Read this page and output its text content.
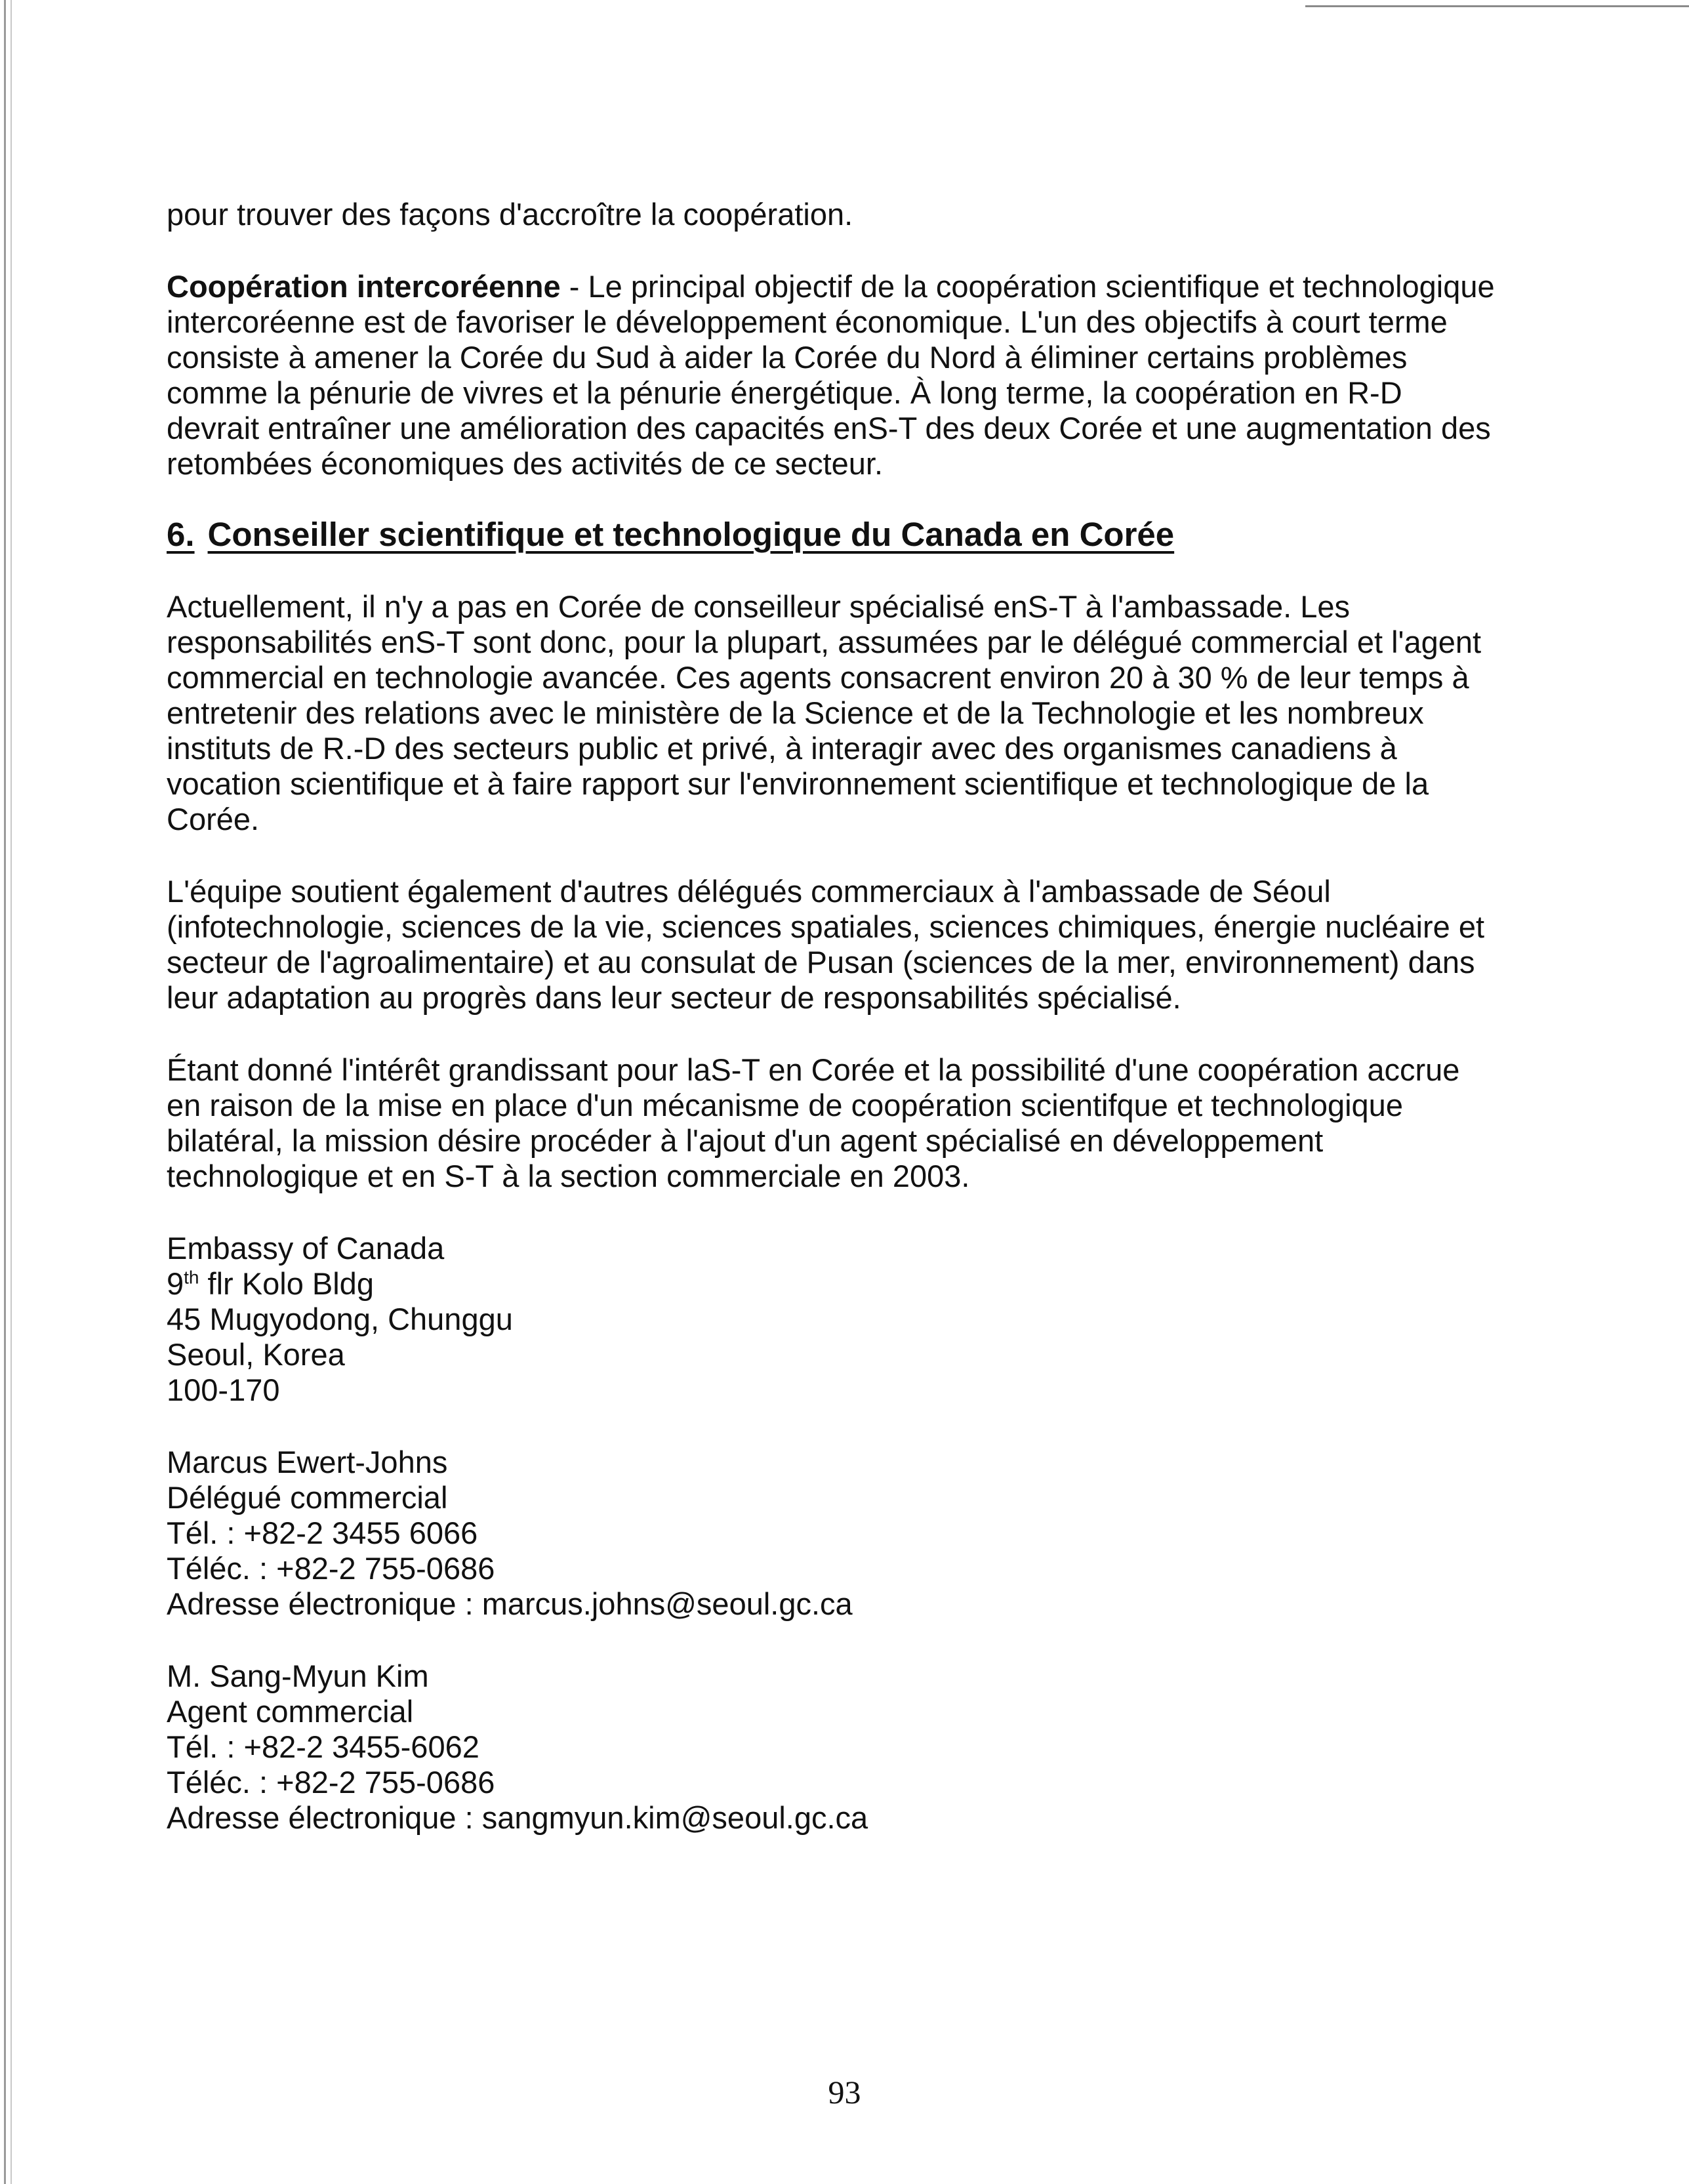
pour trouver des façons d'accroître la coopération.

Coopération intercoréenne - Le principal objectif de la coopération scientifique et technologique intercoréenne est de favoriser le développement économique. L'un des objectifs à court terme consiste à amener la Corée du Sud à aider la Corée du Nord à éliminer certains problèmes comme la pénurie de vivres et la pénurie énergétique. À long terme, la coopération en R-D devrait entraîner une amélioration des capacités enS-T des deux Corée et une augmentation des retombées économiques des activités de ce secteur.

6. Conseiller scientifique et technologique du Canada en Corée

Actuellement, il n'y a pas en Corée de conseilleur spécialisé enS-T à l'ambassade. Les responsabilités enS-T sont donc, pour la plupart, assumées par le délégué commercial et l'agent commercial en technologie avancée. Ces agents consacrent environ 20 à 30 % de leur temps à entretenir des relations avec le ministère de la Science et de la Technologie et les nombreux instituts de R.-D des secteurs public et privé, à interagir avec des organismes canadiens à vocation scientifique et à faire rapport sur l'environnement scientifique et technologique de la Corée.

L'équipe soutient également d'autres délégués commerciaux à l'ambassade de Séoul (infotechnologie, sciences de la vie, sciences spatiales, sciences chimiques, énergie nucléaire et secteur de l'agroalimentaire) et au consulat de Pusan (sciences de la mer, environnement) dans leur adaptation au progrès dans leur secteur de responsabilités spécialisé.

Étant donné l'intérêt grandissant pour laS-T en Corée et la possibilité d'une coopération accrue en raison de la mise en place d'un mécanisme de coopération scientifque et technologique bilatéral, la mission désire procéder à l'ajout d'un agent spécialisé en développement technologique et en S-T à la section commerciale en 2003.

Embassy of Canada
9th flr Kolo Bldg
45 Mugyodong, Chunggu
Seoul, Korea
100-170
Marcus Ewert-Johns
Délégué commercial
Tél. : +82-2 3455 6066
Téléc. : +82-2 755-0686
Adresse électronique : marcus.johns@seoul.gc.ca
M. Sang-Myun Kim
Agent commercial
Tél. : +82-2 3455-6062
Téléc. : +82-2 755-0686
Adresse électronique : sangmyun.kim@seoul.gc.ca
93
